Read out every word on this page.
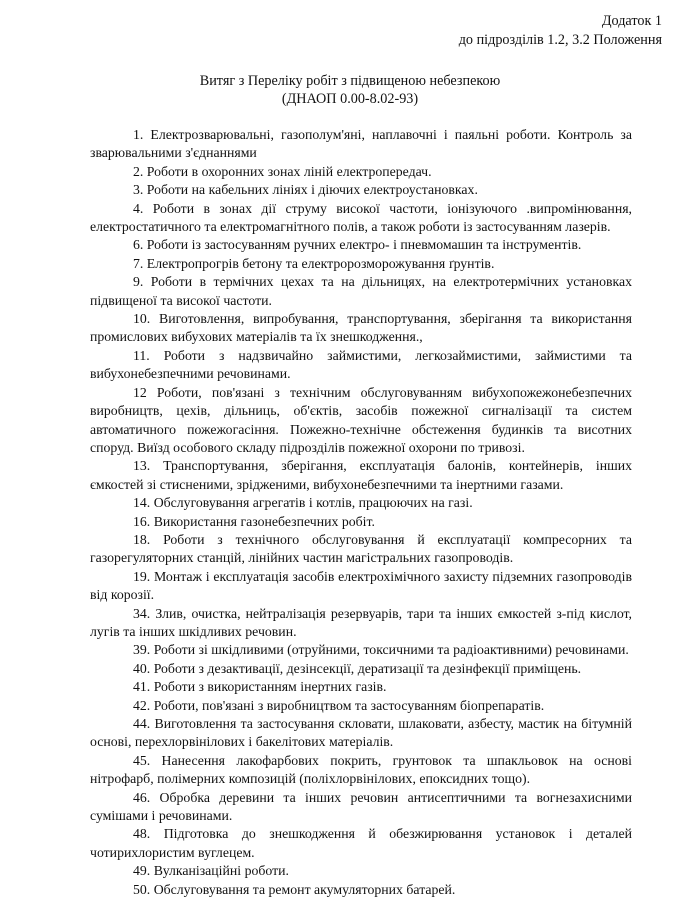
Додаток 1
до підрозділів 1.2, 3.2 Положення
Витяг з Переліку робіт з підвищеною небезпекою
(ДНАОП 0.00-8.02-93)

1. Електрозварювальні, газополум'яні, наплавочні і паяльні роботи. Контроль за зварювальними з'єднаннями

2. Роботи в охоронних зонах ліній електропередач.

3. Роботи на кабельних лініях і діючих електроустановках.

4. Роботи в зонах дії струму високої частоти, іонізуючого .випромінювання, електростатичного та електромагнітного полів, а також роботи із застосуванням лазерів.

6. Роботи із застосуванням ручних електро- і пневмомашин та інструментів.

7. Електропрогрів бетону та електророзморожування ґрунтів.

9. Роботи в термічних цехах та на дільницях, на електротермічних установках підвищеної та високої частоти.

10. Виготовлення, випробування, транспортування, зберігання та використання промислових вибухових матеріалів та їх знешкодження.,

11. Роботи з надзвичайно займистими, легкозаймистими, займистими та вибухонебезпечними речовинами.

12 Роботи, пов'язані з технічним обслуговуванням вибухопожежонебезпечних виробництв, цехів, дільниць, об'єктів, засобів пожежної сигналізації та систем автоматичного пожежогасіння. Пожежно-технічне обстеження будинків та висотних споруд. Виїзд особового складу підрозділів пожежної охорони по тривозі.

13. Транспортування, зберігання, експлуатація балонів, контейнерів, інших ємкостей зі стисненими, зрідженими, вибухонебезпечними та інертними газами.

14. Обслуговування агрегатів і котлів, працюючих на газі.

16. Використання газонебезпечних робіт.

18. Роботи з технічного обслуговування й експлуатації компресорних та газорегуляторних станцій, лінійних частин магістральних газопроводів.

19. Монтаж і експлуатація засобів електрохімічного захисту підземних газопроводів від корозії.

34. Злив, очистка, нейтралізація резервуарів, тари та інших ємкостей з-під кислот, лугів та інших шкідливих речовин.

39. Роботи зі шкідливими (отруйними, токсичними та радіоактивними) речовинами.

40. Роботи з дезактивації, дезінсекції, дератизації та дезінфекції приміщень.

41. Роботи з використанням інертних газів.

42. Роботи, пов'язані з виробництвом та застосуванням біопрепаратів.

44. Виготовлення та застосування скловати, шлаковати, азбесту, мастик на бітумній основі, перехлорвінілових і бакелітових матеріалів.

45. Нанесення лакофарбових покрить, грунтовок та шпакльовок на основі нітрофарб, полімерних композицій (поліхлорвінілових, епоксидних тощо).

46. Обробка деревини та інших речовин антисептичними та вогнезахисними сумішами і речовинами.

48. Підготовка до знешкодження й обезжирювання установок і деталей чотирихлористим вуглецем.

49. Вулканізаційні роботи.

50. Обслуговування та ремонт акумуляторних батарей.
